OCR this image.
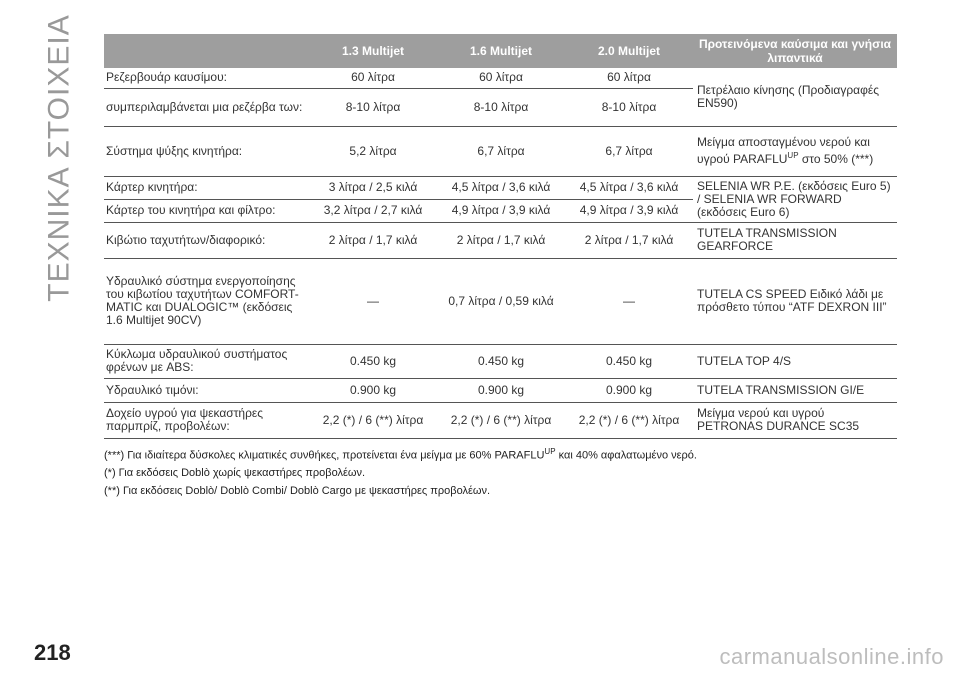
ΤΕΧΝΙΚΑ ΣΤΟΙΧΕΙΑ
		1.3 Multijet	1.6 Multijet	2.0 Multijet	Προτεινόμενα καύσιμα και γνήσια λιπαντικά
Ρεζερβουάρ καυσίμου:	60 λίτρα	60 λίτρα	60 λίτρα	Πετρέλαιο κίνησης (Προδιαγραφές EN590)
συμπεριλαμβάνεται μια ρεζέρβα των:	8-10 λίτρα	8-10 λίτρα	8-10 λίτρα	
Σύστημα ψύξης κινητήρα:	5,2 λίτρα	6,7 λίτρα	6,7 λίτρα	Μείγμα αποσταγμένου νερού και υγρού $PARAFLU^{UP}$ στο 50% (***)
Κάρτερ κινητήρα:	3 λίτρα / 2,5 κιλά	4,5 λίτρα / 3,6 κιλά	4,5 λίτρα / 3,6 κιλά	SELENIA WR P.E. (εκδόσεις Euro 5) / SELENIA WR FORWARD (εκδόσεις Euro 6)
Κάρτερ του κινητήρα και φίλτρο:	3,2 λίτρα / 2,7 κιλά	4,9 λίτρα / 3,9 κιλά	4,9 λίτρα / 3,9 κιλά	
Κιβώτιο ταχυτήτων/διαφορικό:	2 λίτρα / 1,7 κιλά	2 λίτρα / 1,7 κιλά	2 λίτρα / 1,7 κιλά	TUTELA TRANSMISSION GEARFORCE
Υδραυλικό σύστημα ενεργοποίησης του κιβωτίου ταχυτήτων COMFORT-MATIC και DUALOGIC™ (εκδόσεις 1.6 Multijet 90CV)	—	0,7 λίτρα / 0,59 κιλά	—	TUTELA CS SPEED Ειδικό λάδι με πρόσθετο τύπου “ATF DEXRON III”
Κύκλωμα υδραυλικού συστήματος φρένων με ABS:	0.450 kg	0.450 kg	0.450 kg	TUTELA TOP 4/S
Υδραυλικό τιμόνι:	0.900 kg	0.900 kg	0.900 kg	TUTELA TRANSMISSION GI/E
Δοχείο υγρού για ψεκαστήρες παρμπρίζ, προβολέων:	2,2 (*) / 6 (**) λίτρα	2,2 (*) / 6 (**) λίτρα	2,2 (*) / 6 (**) λίτρα	Μείγμα νερού και υγρού PETRONAS DURANCE SC35
(***) Για ιδιαίτερα δύσκολες κλιματικές συνθήκες, προτείνεται ένα μείγμα με 60% $PARAFLU^{UP}$ και 40% αφαλατωμένο νερό.
(*) Για εκδόσεις Doblò χωρίς ψεκαστήρες προβολέων.
(**) Για εκδόσεις Doblò/ Doblò Combi/ Doblò Cargo με ψεκαστήρες προβολέων.
218	carmanualsonline.info
